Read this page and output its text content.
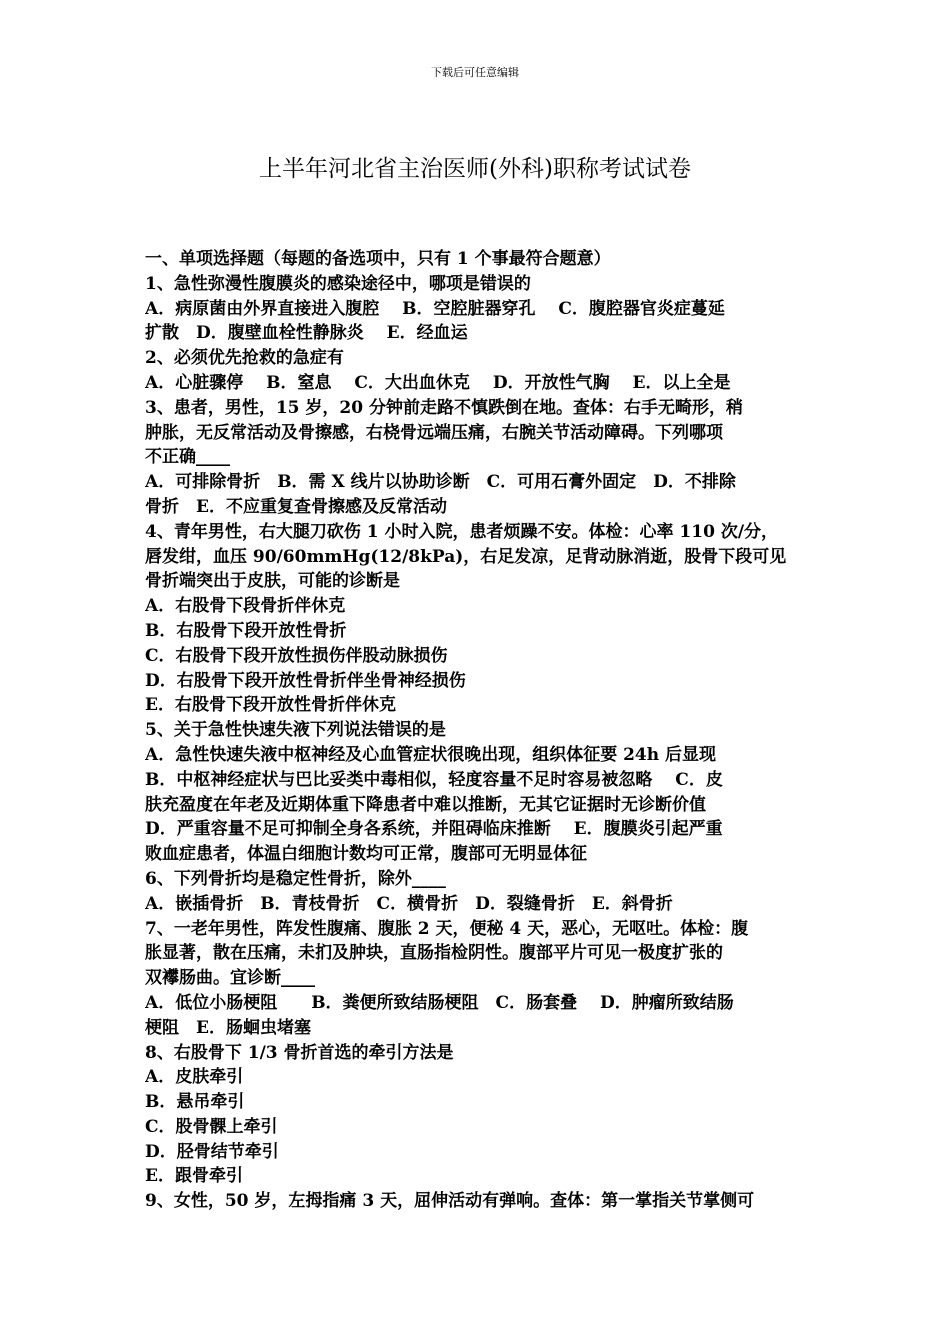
下载后可任意编辑
上半年河北省主治医师(外科)职称考试试卷
一、单项选择题（每题的备选项中，只有 1 个事最符合题意）
1、急性弥漫性腹膜炎的感染途径中，哪项是错误的
A．病原菌由外界直接进入腹腔　 B．空腔脏器穿孔　 C．腹腔器官炎症蔓延
扩散　D．腹壁血栓性静脉炎　 E．经血运
2、必须优先抢救的急症有
A．心脏骤停　 B．窒息　 C．大出血休克　 D．开放性气胸　 E．以上全是
3、患者，男性，15 岁，20 分钟前走路不慎跌倒在地。查体：右手无畸形，稍
肿胀，无反常活动及骨擦感，右桡骨远端压痛，右腕关节活动障碍。下列哪项
不正确____
A．可排除骨折　B．需 X 线片以协助诊断　C．可用石膏外固定　D．不排除
骨折　E．不应重复查骨擦感及反常活动
4、青年男性，右大腿刀砍伤 1 小时入院，患者烦躁不安。体检：心率 110 次/分，
唇发绀，血压 90/60mmHg(12/8kPa)，右足发凉，足背动脉消逝，股骨下段可见
骨折端突出于皮肤，可能的诊断是
A．右股骨下段骨折伴休克
B．右股骨下段开放性骨折
C．右股骨下段开放性损伤伴股动脉损伤
D．右股骨下段开放性骨折伴坐骨神经损伤
E．右股骨下段开放性骨折伴休克
5、关于急性快速失液下列说法错误的是
A．急性快速失液中枢神经及心血管症状很晚出现，组织体征要 24h 后显现
B．中枢神经症状与巴比妥类中毒相似，轻度容量不足时容易被忽略　 C．皮
肤充盈度在年老及近期体重下降患者中难以推断，无其它证据时无诊断价值
D．严重容量不足可抑制全身各系统，并阻碍临床推断　 E．腹膜炎引起严重
败血症患者，体温白细胞计数均可正常，腹部可无明显体征
6、下列骨折均是稳定性骨折，除外____
A．嵌插骨折　B．青枝骨折　C．横骨折　D．裂缝骨折　E．斜骨折
7、一老年男性，阵发性腹痛、腹胀 2 天，便秘 4 天，恶心，无呕吐。体检：腹
胀显著，散在压痛，未扪及肿块，直肠指检阴性。腹部平片可见一极度扩张的
双襻肠曲。宜诊断____
A．低位小肠梗阻　　B．粪便所致结肠梗阻　C．肠套叠　 D．肿瘤所致结肠
梗阻　E．肠蛔虫堵塞
8、右股骨下 1/3 骨折首选的牵引方法是
A．皮肤牵引
B．悬吊牵引
C．股骨髁上牵引
D．胫骨结节牵引
E．跟骨牵引
9、女性，50 岁，左拇指痛 3 天，屈伸活动有弹响。查体：第一掌指关节掌侧可
